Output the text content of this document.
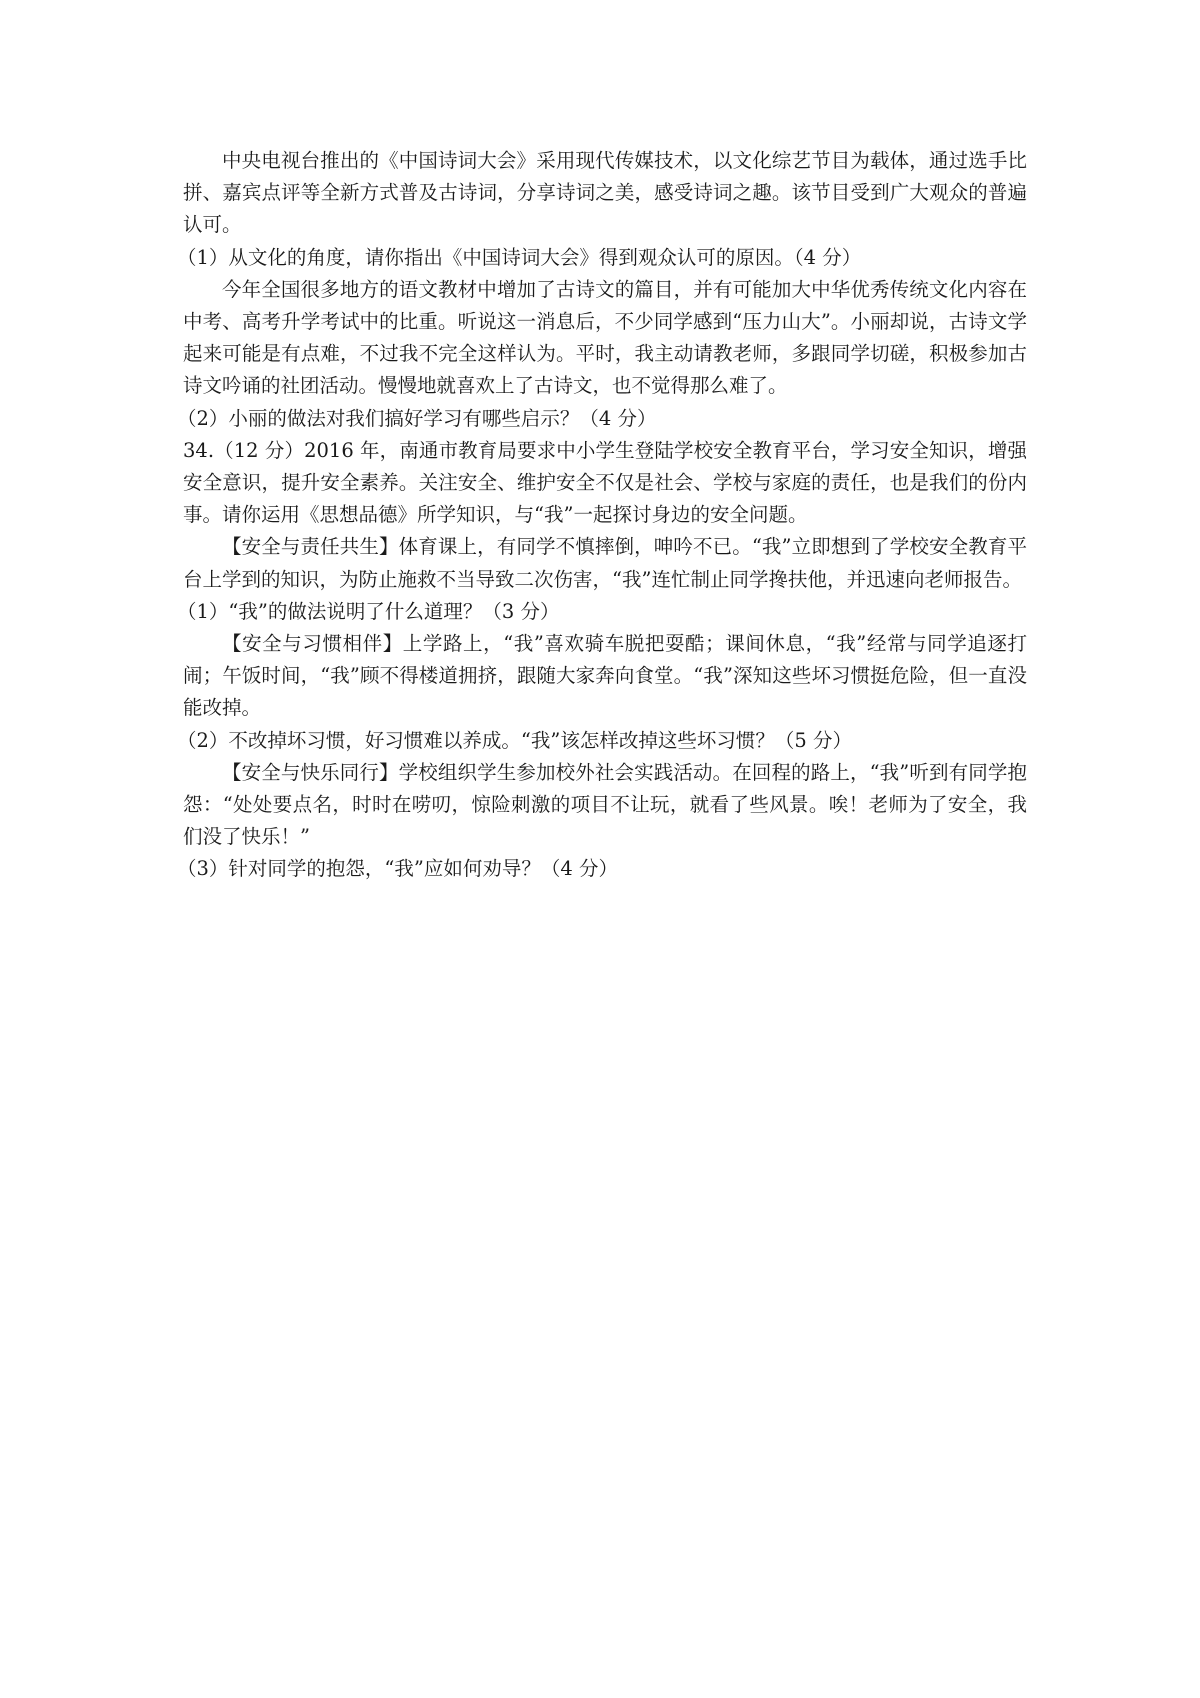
中央电视台推出的《中国诗词大会》采用现代传媒技术，以文化综艺节目为载体，通过选手比拼、嘉宾点评等全新方式普及古诗词，分享诗词之美，感受诗词之趣。该节目受到广大观众的普遍认可。

（1）从文化的角度，请你指出《中国诗词大会》得到观众认可的原因。（4 分）

今年全国很多地方的语文教材中增加了古诗文的篇目，并有可能加大中华优秀传统文化内容在中考、高考升学考试中的比重。听说这一消息后，不少同学感到“压力山大”。小丽却说，古诗文学起来可能是有点难，不过我不完全这样认为。平时，我主动请教老师，多跟同学切磋，积极参加古诗文吟诵的社团活动。慢慢地就喜欢上了古诗文，也不觉得那么难了。

（2）小丽的做法对我们搞好学习有哪些启示？（4 分）

34.（12 分）2016 年，南通市教育局要求中小学生登陆学校安全教育平台，学习安全知识，增强安全意识，提升安全素养。关注安全、维护安全不仅是社会、学校与家庭的责任，也是我们的份内事。请你运用《思想品德》所学知识，与“我”一起探讨身边的安全问题。

【安全与责任共生】体育课上，有同学不慎摔倒，呻吟不已。“我”立即想到了学校安全教育平台上学到的知识，为防止施救不当导致二次伤害，“我”连忙制止同学搀扶他，并迅速向老师报告。

（1）“我”的做法说明了什么道理？（3 分）

【安全与习惯相伴】上学路上，“我”喜欢骑车脱把耍酷；课间休息，“我”经常与同学追逐打闹；午饭时间，“我”顾不得楼道拥挤，跟随大家奔向食堂。“我”深知这些坏习惯挺危险，但一直没能改掉。

（2）不改掉坏习惯，好习惯难以养成。“我”该怎样改掉这些坏习惯？（5 分）

【安全与快乐同行】学校组织学生参加校外社会实践活动。在回程的路上，“我”听到有同学抱怨：“处处要点名，时时在唠叨，惊险刺激的项目不让玩，就看了些风景。唉！老师为了安全，我们没了快乐！”

（3）针对同学的抱怨，“我”应如何劝导？（4 分）
